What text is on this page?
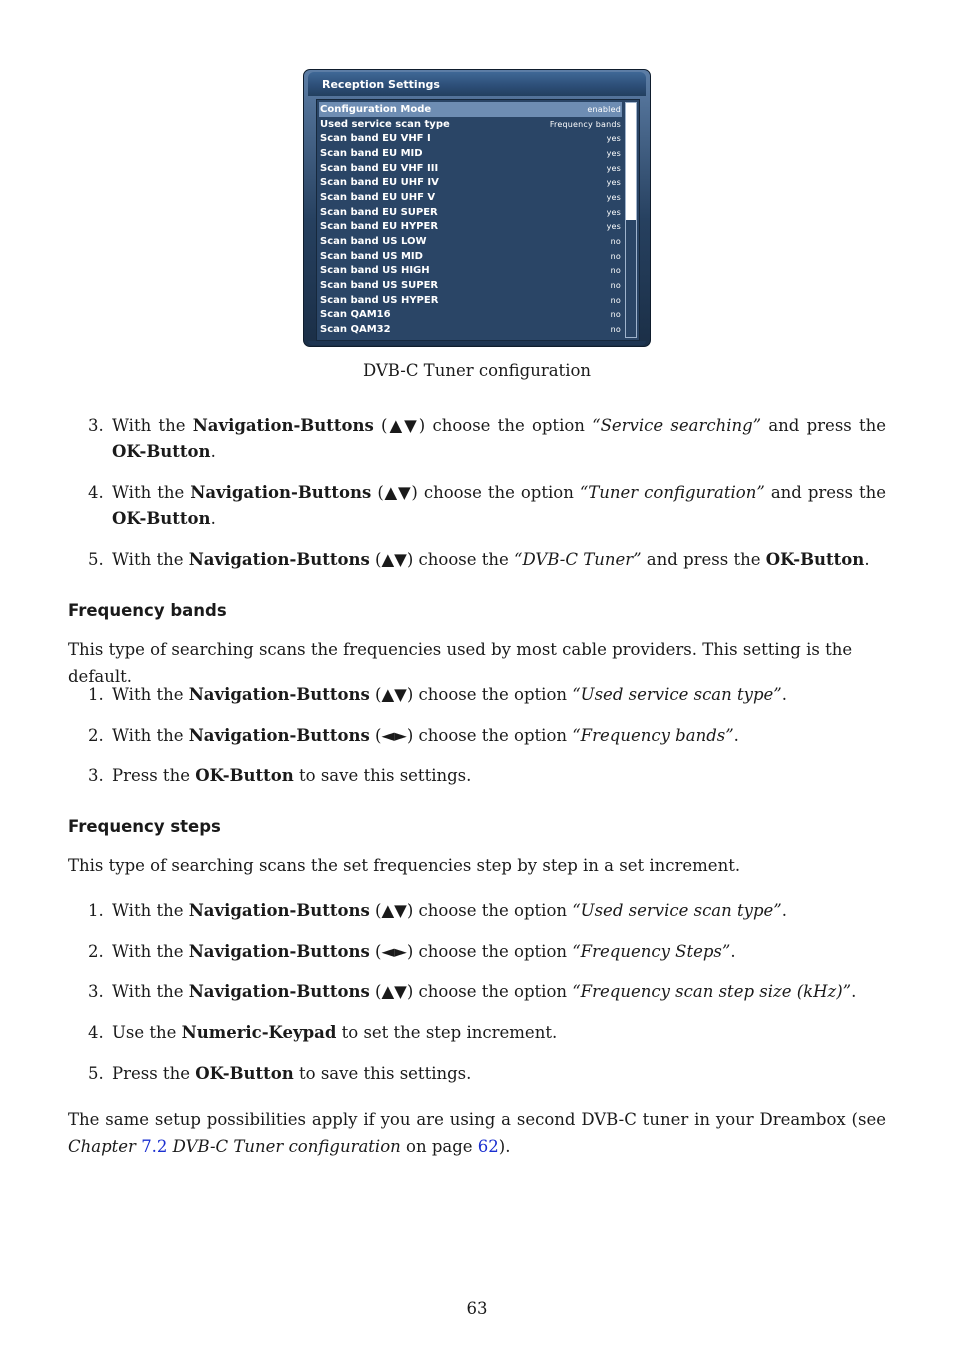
Reception Settings
Configuration Mode	enabled
Used service scan type	Frequency bands
Scan band EU VHF I	yes
Scan band EU MID	yes
Scan band EU VHF III	yes
Scan band EU UHF IV	yes
Scan band EU UHF V	yes
Scan band EU SUPER	yes
Scan band EU HYPER	yes
Scan band US LOW	no
Scan band US MID	no
Scan band US HIGH	no
Scan band US SUPER	no
Scan band US HYPER	no
Scan QAM16	no
Scan QAM32	no
DVB-C Tuner configuration
3. With the Navigation-Buttons (▲▼) choose the option “Service searching” and press the OK-Button.
4. With the Navigation-Buttons (▲▼) choose the option “Tuner configuration” and press the OK-Button.
5. With the Navigation-Buttons (▲▼) choose the “DVB-C Tuner” and press the OK-Button.
Frequency bands
This type of searching scans the frequencies used by most cable providers. This setting is the default.
1. With the Navigation-Buttons (▲▼) choose the option “Used service scan type”.
2. With the Navigation-Buttons (◄►) choose the option “Frequency bands”.
3. Press the OK-Button to save this settings.
Frequency steps
This type of searching scans the set frequencies step by step in a set increment.
1. With the Navigation-Buttons (▲▼) choose the option “Used service scan type”.
2. With the Navigation-Buttons (◄►) choose the option “Frequency Steps”.
3. With the Navigation-Buttons (▲▼) choose the option “Frequency scan step size (kHz)”.
4. Use the Numeric-Keypad to set the step increment.
5. Press the OK-Button to save this settings.
The same setup possibilities apply if you are using a second DVB-C tuner in your Dreambox (see Chapter 7.2 DVB-C Tuner configuration on page 62).
63
